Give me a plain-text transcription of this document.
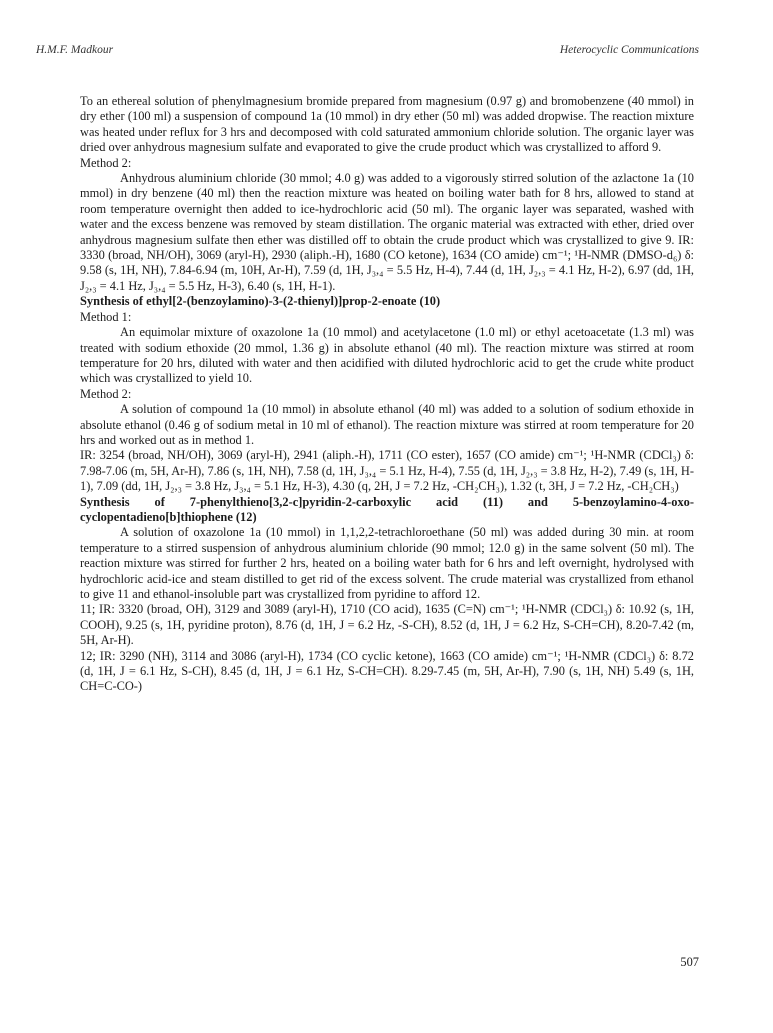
H.M.F. Madkour	Heterocyclic Communications

To an ethereal solution of phenylmagnesium bromide prepared from magnesium (0.97 g) and bromobenzene (40 mmol) in dry ether (100 ml) a suspension of compound 1a (10 mmol) in dry ether (50 ml) was added dropwise. The reaction mixture was heated under reflux for 3 hrs and decomposed with cold saturated ammonium chloride solution. The organic layer was dried over anhydrous magnesium sulfate and evaporated to give the crude product which was crystallized to afford 9.

Method 2:

Anhydrous aluminium chloride (30 mmol; 4.0 g) was added to a vigorously stirred solution of the azlactone 1a (10 mmol) in dry benzene (40 ml) then the reaction mixture was heated on boiling water bath for 8 hrs, allowed to stand at room temperature overnight then added to ice-hydrochloric acid (50 ml). The organic layer was separated, washed with water and the excess benzene was removed by steam distillation. The organic material was extracted with ether, dried over anhydrous magnesium sulfate then ether was distilled off to obtain the crude product which was crystallized to give 9. IR: 3330 (broad, NH/OH), 3069 (aryl-H), 2930 (aliph.-H), 1680 (CO ketone), 1634 (CO amide) cm⁻¹; ¹H-NMR (DMSO-d₆) δ: 9.58 (s, 1H, NH), 7.84-6.94 (m, 10H, Ar-H), 7.59 (d, 1H, J₃,₄ = 5.5 Hz, H-4), 7.44 (d, 1H, J₂,₃ = 4.1 Hz, H-2), 6.97 (dd, 1H, J₂,₃ = 4.1 Hz, J₃,₄ = 5.5 Hz, H-3), 6.40 (s, 1H, H-1).

Synthesis of ethyl[2-(benzoylamino)-3-(2-thienyl)]prop-2-enoate (10)

Method 1:

An equimolar mixture of oxazolone 1a (10 mmol) and acetylacetone (1.0 ml) or ethyl acetoacetate (1.3 ml) was treated with sodium ethoxide (20 mmol, 1.36 g) in absolute ethanol (40 ml). The reaction mixture was stirred at room temperature for 20 hrs, diluted with water and then acidified with diluted hydrochloric acid to get the crude white product which was crystallized to yield 10.

Method 2:

A solution of compound 1a (10 mmol) in absolute ethanol (40 ml) was added to a solution of sodium ethoxide in absolute ethanol (0.46 g of sodium metal in 10 ml of ethanol). The reaction mixture was stirred at room temperature for 20 hrs and worked out as in method 1.

IR: 3254 (broad, NH/OH), 3069 (aryl-H), 2941 (aliph.-H), 1711 (CO ester), 1657 (CO amide) cm⁻¹; ¹H-NMR (CDCl₃) δ: 7.98-7.06 (m, 5H, Ar-H), 7.86 (s, 1H, NH), 7.58 (d, 1H, J₃,₄ = 5.1 Hz, H-4), 7.55 (d, 1H, J₂,₃ = 3.8 Hz, H-2), 7.49 (s, 1H, H-1), 7.09 (dd, 1H, J₂,₃ = 3.8 Hz, J₃,₄ = 5.1 Hz, H-3), 4.30 (q, 2H, J = 7.2 Hz, -CH₂CH₃), 1.32 (t, 3H, J = 7.2 Hz, -CH₂CH₃)

Synthesis of 7-phenylthieno[3,2-c]pyridin-2-carboxylic acid (11) and 5-benzoylamino-4-oxo-cyclopentadieno[b]thiophene (12)

A solution of oxazolone 1a (10 mmol) in 1,1,2,2-tetrachloroethane (50 ml) was added during 30 min. at room temperature to a stirred suspension of anhydrous aluminium chloride (90 mmol; 12.0 g) in the same solvent (50 ml). The reaction mixture was stirred for further 2 hrs, heated on a boiling water bath for 6 hrs and left overnight, hydrolysed with hydrochloric acid-ice and steam distilled to get rid of the excess solvent. The crude material was crystallized from ethanol to give 11 and ethanol-insoluble part was crystallized from pyridine to afford 12.

11; IR: 3320 (broad, OH), 3129 and 3089 (aryl-H), 1710 (CO acid), 1635 (C=N) cm⁻¹; ¹H-NMR (CDCl₃) δ: 10.92 (s, 1H, COOH), 9.25 (s, 1H, pyridine proton), 8.76 (d, 1H, J = 6.2 Hz, -S-CH), 8.52 (d, 1H, J = 6.2 Hz, S-CH=CH), 8.20-7.42 (m, 5H, Ar-H).

12; IR: 3290 (NH), 3114 and 3086 (aryl-H), 1734 (CO cyclic ketone), 1663 (CO amide) cm⁻¹; ¹H-NMR (CDCl₃) δ: 8.72 (d, 1H, J = 6.1 Hz, S-CH), 8.45 (d, 1H, J = 6.1 Hz, S-CH=CH). 8.29-7.45 (m, 5H, Ar-H), 7.90 (s, 1H, NH) 5.49 (s, 1H, CH=C-CO-)

507
